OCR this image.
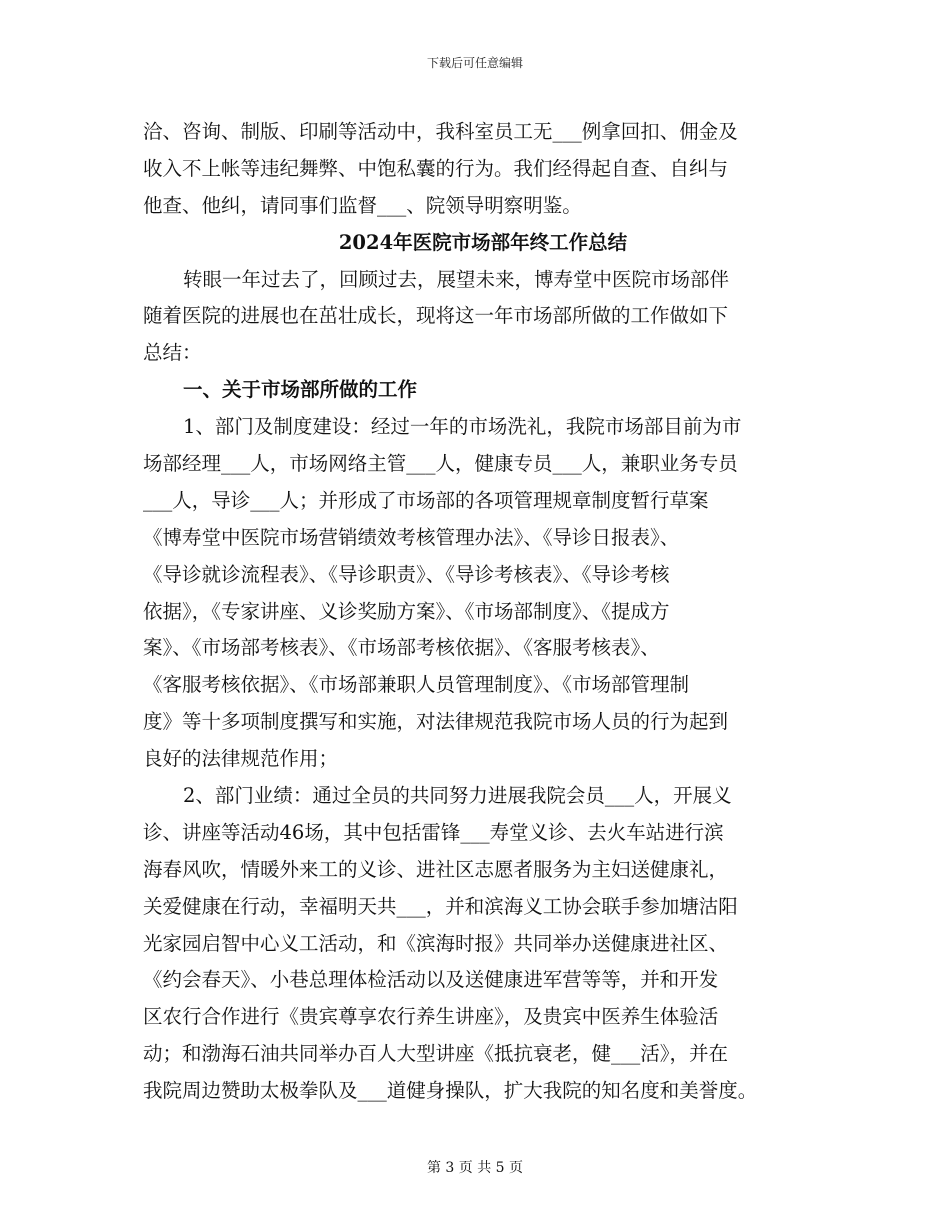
下载后可任意编辑
洽、咨询、制版、印刷等活动中，我科室员工无___例拿回扣、佣金及
收入不上帐等违纪舞弊、中饱私囊的行为。我们经得起自查、自纠与
他查、他纠，请同事们监督___、院领导明察明鉴。
2024年医院市场部年终工作总结
转眼一年过去了，回顾过去，展望未来，博寿堂中医院市场部伴
随着医院的进展也在茁壮成长，现将这一年市场部所做的工作做如下
总结：
一、关于市场部所做的工作
1、部门及制度建设：经过一年的市场洗礼，我院市场部目前为市
场部经理___人，市场网络主管___人，健康专员___人，兼职业务专员
___人，导诊___人；并形成了市场部的各项管理规章制度暂行草案
《博寿堂中医院市场营销绩效考核管理办法》、《导诊日报表》、
《导诊就诊流程表》、《导诊职责》、《导诊考核表》、《导诊考核
依据》，《专家讲座、义诊奖励方案》、《市场部制度》、《提成方
案》、《市场部考核表》、《市场部考核依据》、《客服考核表》、
《客服考核依据》、《市场部兼职人员管理制度》、《市场部管理制
度》等十多项制度撰写和实施，对法律规范我院市场人员的行为起到
良好的法律规范作用；
2、部门业绩：通过全员的共同努力进展我院会员___人，开展义
诊、讲座等活动46场，其中包括雷锋___寿堂义诊、去火车站进行滨
海春风吹，情暖外来工的义诊、进社区志愿者服务为主妇送健康礼，
关爱健康在行动，幸福明天共___，并和滨海义工协会联手参加塘沽阳
光家园启智中心义工活动，和《滨海时报》共同举办送健康进社区、
《约会春天》、小巷总理体检活动以及送健康进军营等等，并和开发
区农行合作进行《贵宾尊享农行养生讲座》，及贵宾中医养生体验活
动；和渤海石油共同举办百人大型讲座《抵抗衰老，健___活》，并在
我院周边赞助太极拳队及___道健身操队，扩大我院的知名度和美誉度。
第 3 页 共 5 页
